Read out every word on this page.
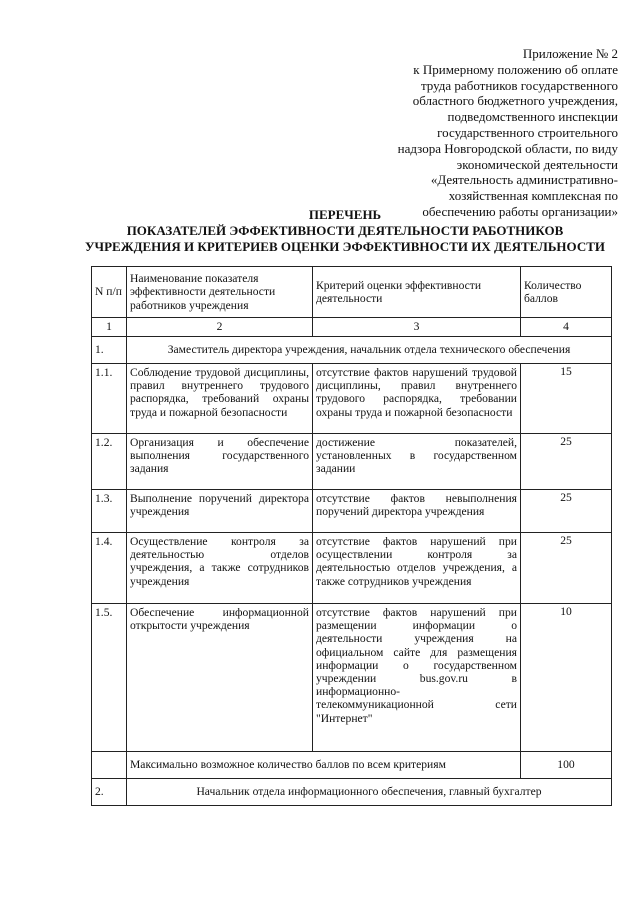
Приложение № 2
к Примерному положению об оплате
труда работников государственного
областного бюджетного учреждения,
подведомственного инспекции
государственного строительного
надзора Новгородской области, по виду
экономической деятельности
«Деятельность административно-
хозяйственная комплексная по
обеспечению работы организации»
ПЕРЕЧЕНЬ
ПОКАЗАТЕЛЕЙ ЭФФЕКТИВНОСТИ ДЕЯТЕЛЬНОСТИ РАБОТНИКОВ
УЧРЕЖДЕНИЯ И КРИТЕРИЕВ ОЦЕНКИ ЭФФЕКТИВНОСТИ ИХ ДЕЯТЕЛЬНОСТИ
N п/п	Наименование показателя эффективности деятельности работников учреждения	Критерий оценки эффективности деятельности	Количество баллов
1	2	3	4
1.	Заместитель директора учреждения, начальник отдела технического обеспечения		
1.1.	Соблюдение трудовой дисциплины, правил внутреннего трудового распорядка, требований охраны труда и пожарной безопасности	отсутствие фактов нарушений трудовой дисциплины, правил внутреннего трудового распорядка, требовании охраны труда и пожарной безопасности	15
1.2.	Организация и обеспечение выполнения государственного задания	достижение показателей, установленных в государственном задании	25
1.3.	Выполнение поручений директора учреждения	отсутствие фактов невыполнения поручений директора учреждения	25
1.4.	Осуществление контроля за деятельностью отделов учреждения, а также сотрудников учреждения	отсутствие фактов нарушений при осуществлении контроля за деятельностью отделов учреждения, а также сотрудников учреждения	25
1.5.	Обеспечение информационной открытости учреждения	отсутствие фактов нарушений при размещении информации о деятельности учреждения на официальном сайте для размещения информации о государственном учреждении bus.gov.ru в информационно-телекоммуникационной сети "Интернет"	10
	Максимально возможное количество баллов по всем критериям		100
2.	Начальник отдела информационного обеспечения, главный бухгалтер		
